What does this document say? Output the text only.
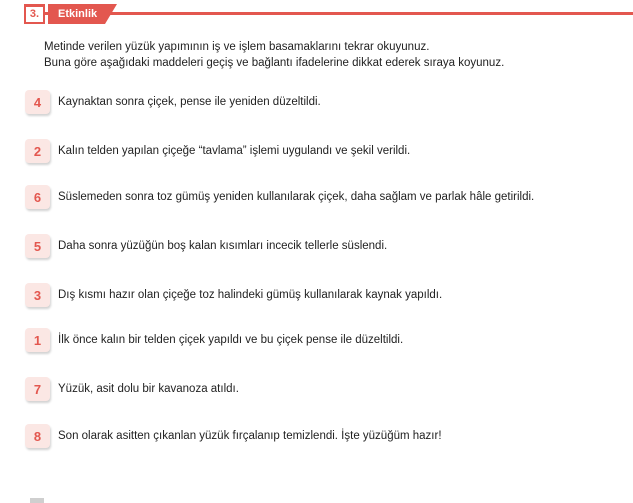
3.	Etkinlik

Metinde verilen yüzük yapımının iş ve işlem basamaklarını tekrar okuyunuz.

Buna göre aşağıdaki maddeleri geçiş ve bağlantı ifadelerine dikkat ederek sıraya koyunuz.

4	Kaynaktan sonra çiçek, pense ile yeniden düzeltildi.
2	Kalın telden yapılan çiçeğe “tavlama” işlemi uygulandı ve şekil verildi.
6	Süslemeden sonra toz gümüş yeniden kullanılarak çiçek, daha sağlam ve parlak hâle getirildi.
5	Daha sonra yüzüğün boş kalan kısımları incecik tellerle süslendi.
3	Dış kısmı hazır olan çiçeğe toz halindeki gümüş kullanılarak kaynak yapıldı.
1	İlk önce kalın bir telden çiçek yapıldı ve bu çiçek pense ile düzeltildi.
7	Yüzük, asit dolu bir kavanoza atıldı.
8	Son olarak asitten çıkanlan yüzük fırçalanıp temizlendi. İşte yüzüğüm hazır!
